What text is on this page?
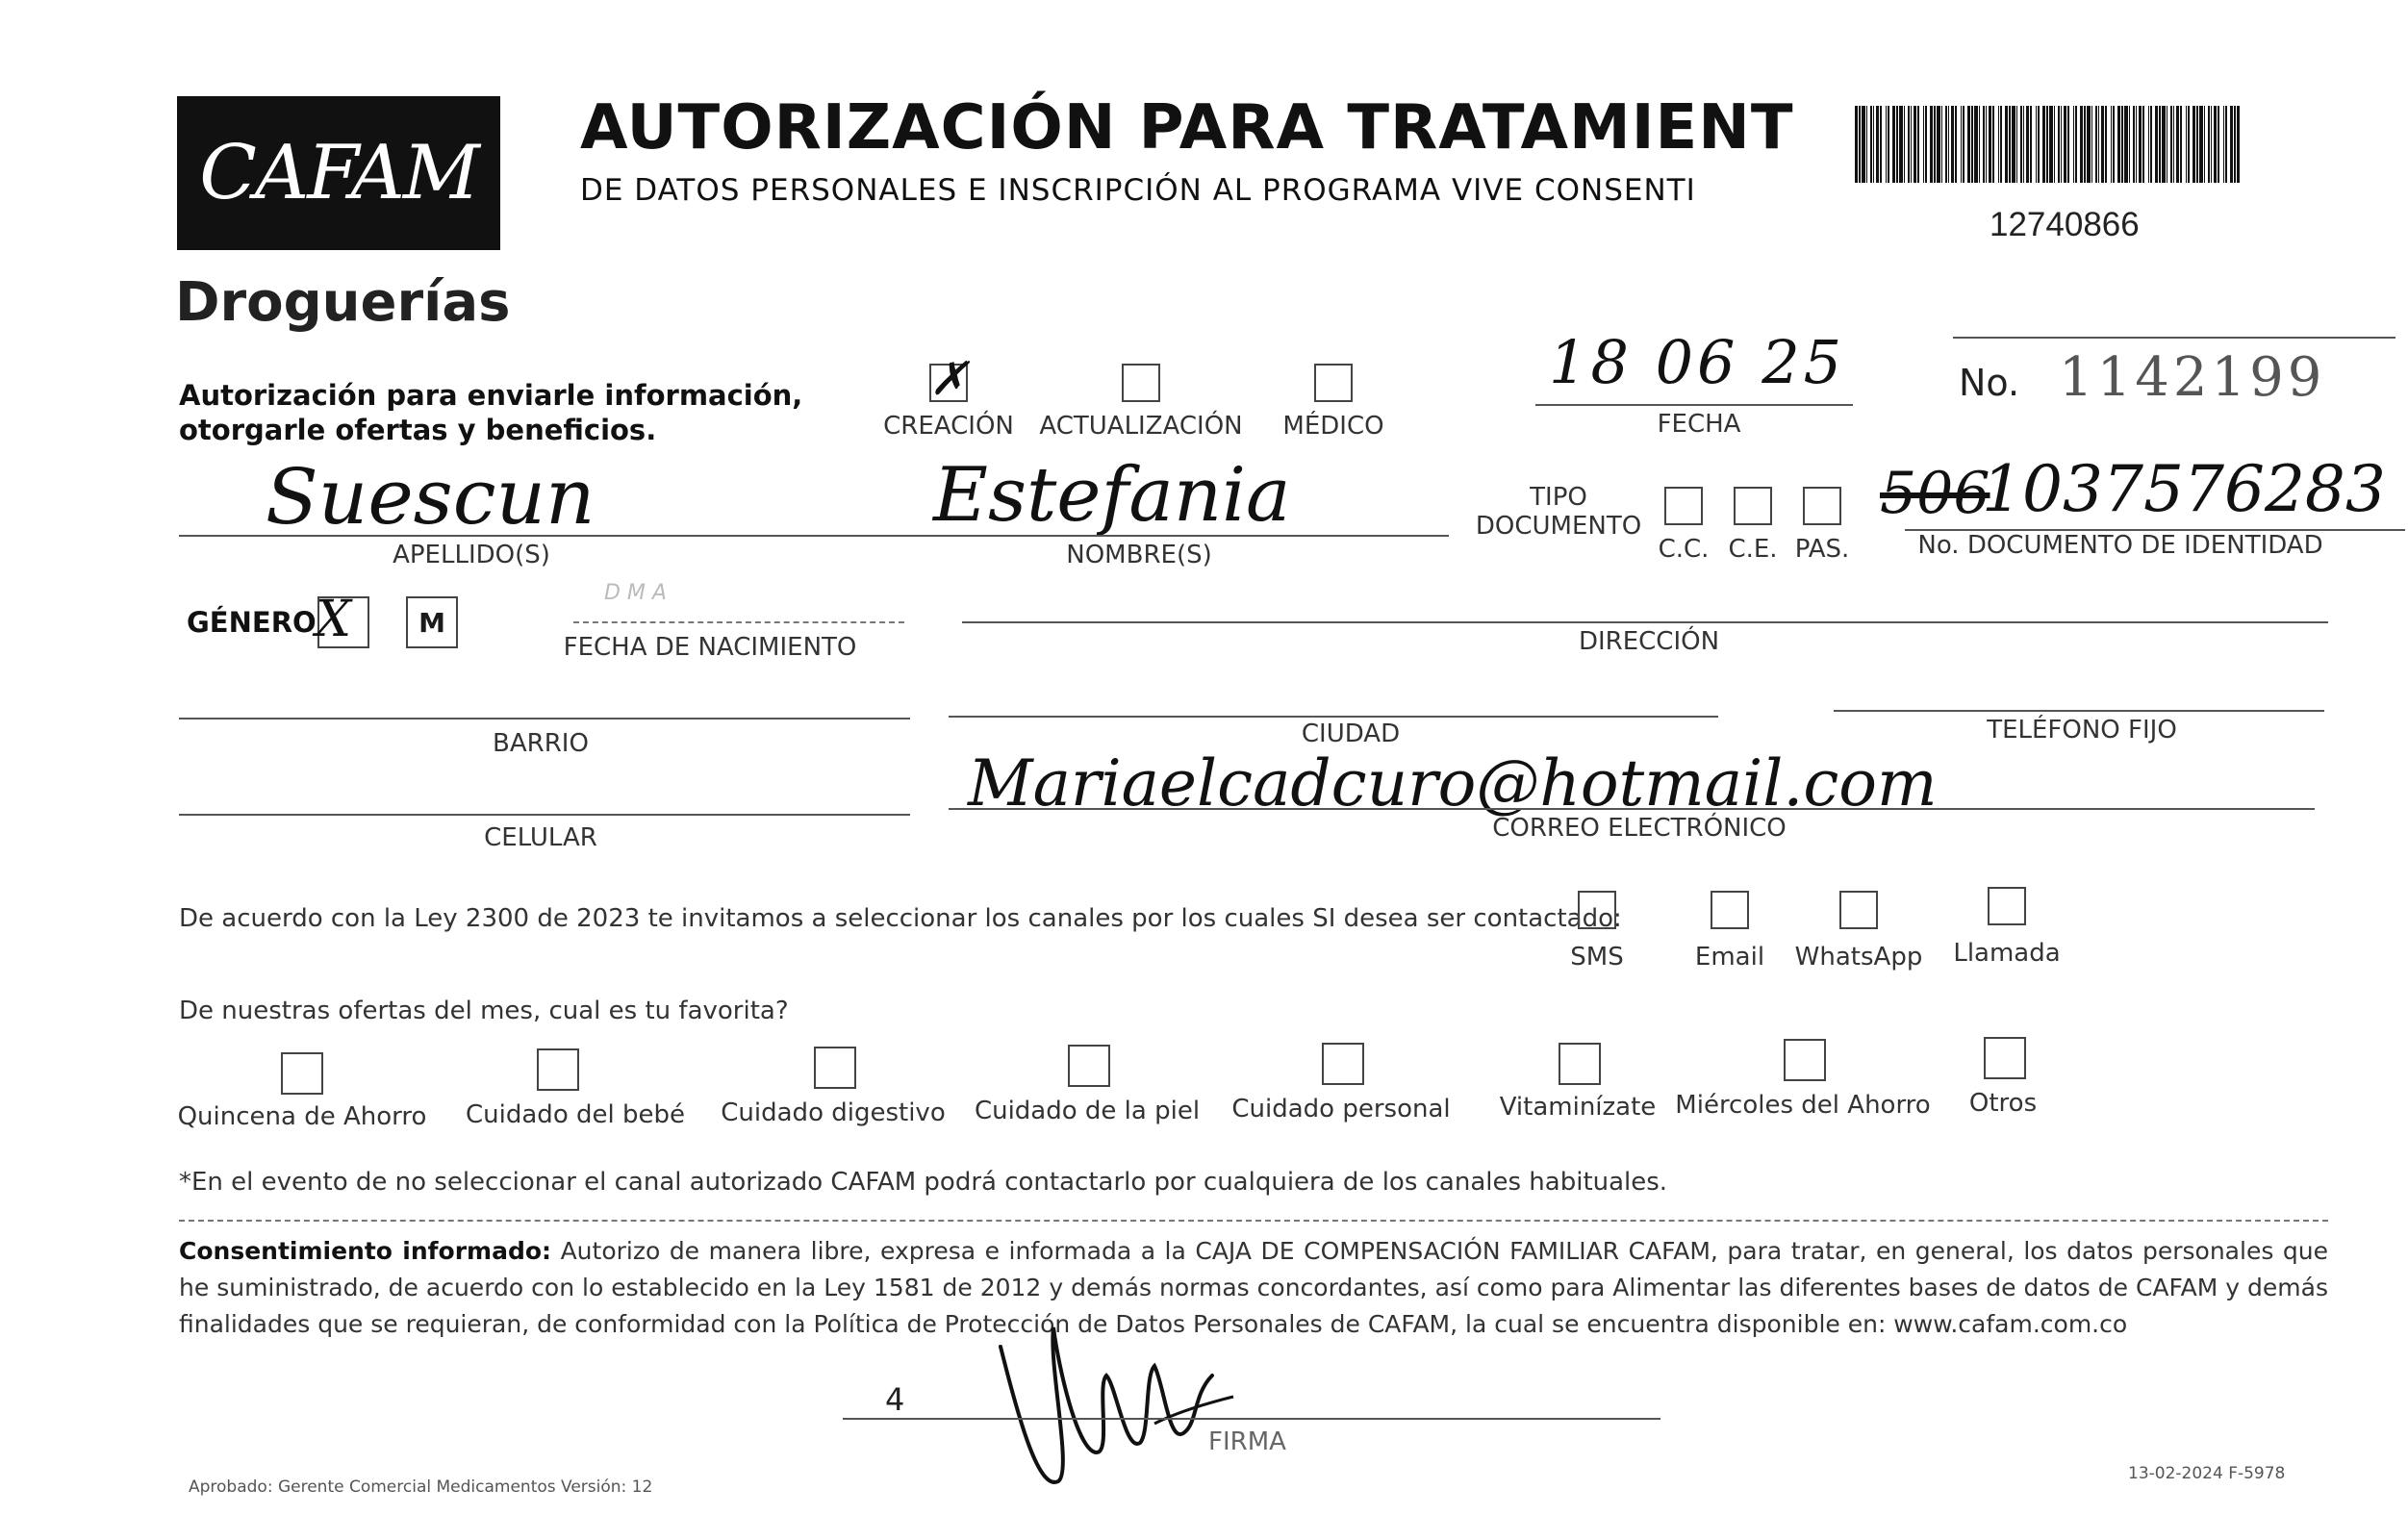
CAFAM
Droguerías
AUTORIZACIÓN PARA TRATAMIENT
DE DATOS PERSONALES E INSCRIPCIÓN AL PROGRAMA VIVE CONSENTI
12740866
Autorización para enviarle información,
otorgarle ofertas y beneficios.
✗
CREACIÓN ACTUALIZACIÓN MÉDICO
18 06 25
FECHA
No. 1142199
Suescun
APELLIDO(S)
Estefania
NOMBRE(S)
TIPO
DOCUMENTO
C.C. C.E. PAS.
506
1037576283
No. DOCUMENTO DE IDENTIDAD
GÉNERO X	M
D M A
FECHA DE NACIMIENTO	DIRECCIÓN
BARRIO	CIUDAD	TELÉFONO FIJO
CELULAR
Mariaelcadcuro@hotmail.com
CORREO ELECTRÓNICO
De acuerdo con la Ley 2300 de 2023 te invitamos a seleccionar los canales por los cuales SI desea ser contactado:
SMS	Email WhatsApp Llamada
De nuestras ofertas del mes, cual es tu favorita?
Quincena de Ahorro Cuidado del bebé Cuidado digestivo Cuidado de la piel Cuidado personal Vitaminízate Miércoles del Ahorro Otros
*En el evento de no seleccionar el canal autorizado CAFAM podrá contactarlo por cualquiera de los canales habituales.
Consentimiento informado: Autorizo de manera libre, expresa e informada a la CAJA DE COMPENSACIÓN FAMILIAR CAFAM, para tratar, en general, los datos personales que he suministrado, de acuerdo con lo establecido en la Ley 1581 de 2012 y demás normas concordantes, así como para Alimentar las diferentes bases de datos de CAFAM y demás finalidades que se requieran, de conformidad con la Política de Protección de Datos Personales de CAFAM, la cual se encuentra disponible en: www.cafam.com.co
4
FIRMA
Aprobado: Gerente Comercial Medicamentos Versión: 12
13-02-2024 F-5978
